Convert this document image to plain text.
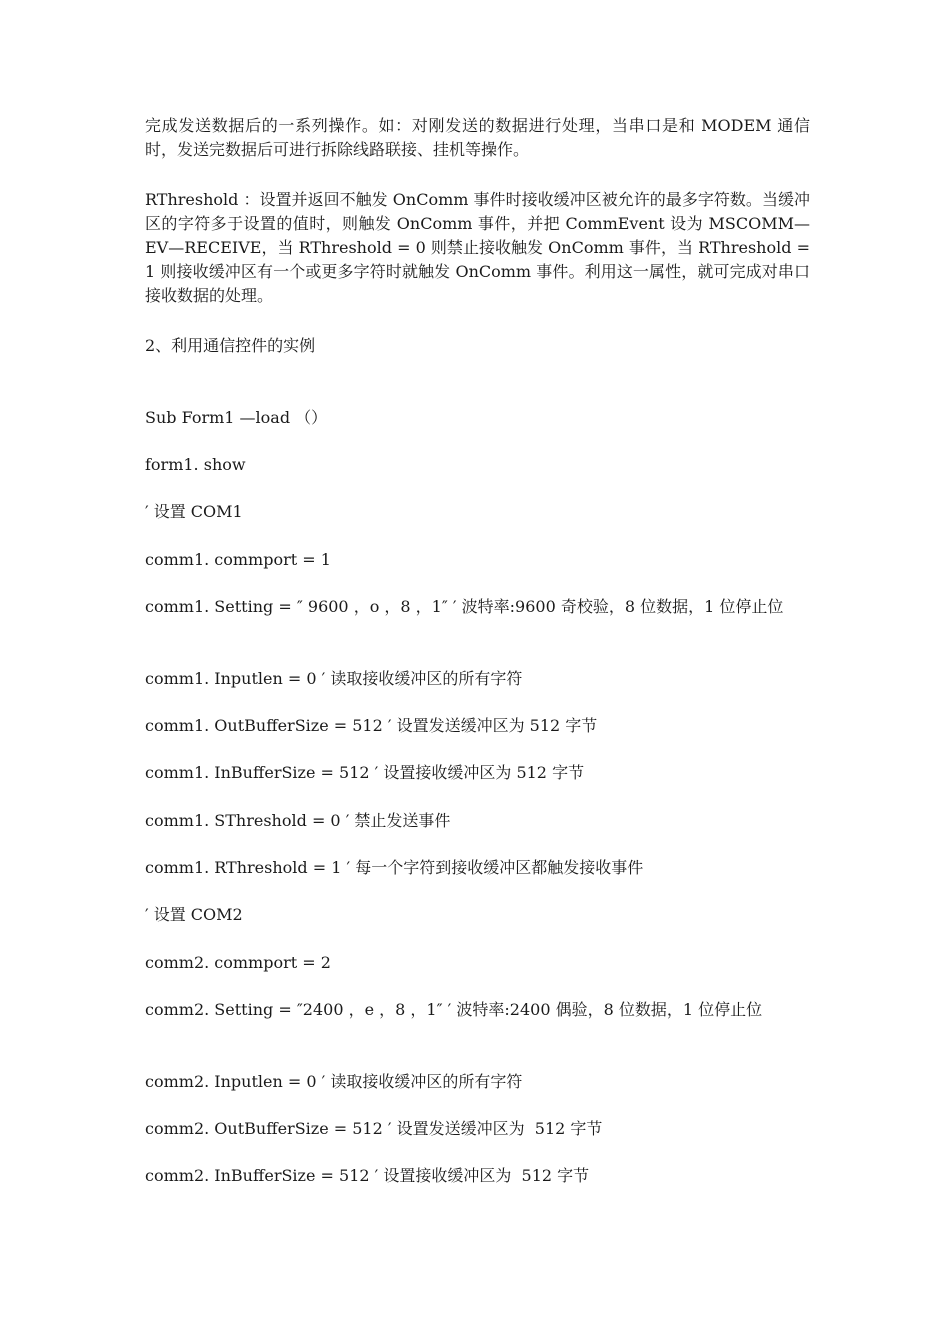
完成发送数据后的一系列操作。如：对刚发送的数据进行处理，当串口是和 MODEM 通信时，发送完数据后可进行拆除线路联接、挂机等操作。

RThreshold ：设置并返回不触发 OnComm 事件时接收缓冲区被允许的最多字符数。当缓冲区的字符多于设置的值时，则触发 OnComm 事件，并把 CommEvent 设为 MSCOMM—EV—RECEIVE，当 RThreshold = 0 则禁止接收触发 OnComm 事件，当 RThreshold = 1 则接收缓冲区有一个或更多字符时就触发 OnComm 事件。利用这一属性，就可完成对串口接收数据的处理。

2、利用通信控件的实例

Sub Form1 —load （）

form1. show

′ 设置 COM1

comm1. commport = 1

comm1. Setting = ″ 9600 ，o ，8 ，1″ ′ 波特率:9600 奇校验，8 位数据，1 位停止位

comm1. Inputlen = 0 ′ 读取接收缓冲区的所有字符

comm1. OutBufferSize = 512 ′ 设置发送缓冲区为 512 字节

comm1. InBufferSize = 512 ′ 设置接收缓冲区为 512 字节

comm1. SThreshold = 0 ′ 禁止发送事件

comm1. RThreshold = 1 ′ 每一个字符到接收缓冲区都触发接收事件

′ 设置 COM2

comm2. commport = 2

comm2. Setting = ″2400 ，e ，8 ，1″ ′ 波特率:2400 偶验，8 位数据，1 位停止位

comm2. Inputlen = 0 ′ 读取接收缓冲区的所有字符

comm2. OutBufferSize = 512 ′ 设置发送缓冲区为  512 字节

comm2. InBufferSize = 512 ′ 设置接收缓冲区为  512 字节
